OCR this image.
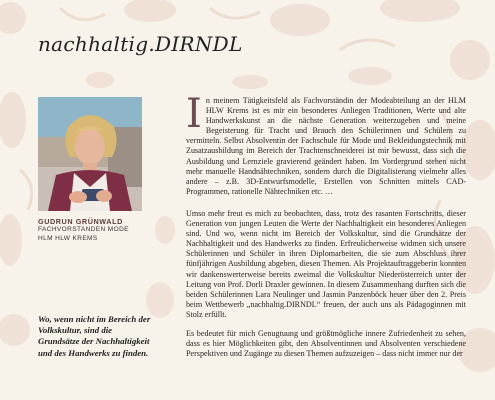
nachhaltig.DIRNDL
GUDRUN GRÜNWALD
FACHVORSTANDEN MODE
HLM HLW KREMS
Wo, wenn nicht im Bereich der Volkskultur, sind die Grundsätze der Nachhaltigkeit und des Handwerks zu finden.

In meinem Tätigkeitsfeld als Fachvorständin der Modeabteilung an der HLM HLW Krems ist es mir ein besonderes Anliegen Traditionen, Werte und alte Handwerkskunst an die nächste Generation weiterzugeben und meine Begeisterung für Tracht und Brauch den Schülerinnen und Schülern zu vermitteln. Selbst Absolventin der Fachschule für Mode und Bekleidungstechnik mit Zusatzausbildung im Bereich der Trachtenschneiderei ist mir bewusst, dass sich die Ausbildung und Lernziele gravierend geändert haben. Im Vordergrund stehen nicht mehr manuelle Handnähtechniken, sondern durch die Digitalisierung vielmehr alles andere – z.B. 3D-Entwurfsmodelle, Erstellen von Schnitten mittels CAD-Programmen, rationelle Nähtechniken etc. …

Umso mehr freut es mich zu beobachten, dass, trotz des rasanten Fortschritts, dieser Generation von jungen Leuten die Werte der Nachhaltigkeit ein besonderes Anliegen sind. Und wo, wenn nicht im Bereich der Volkskultur, sind die Grundsätze der Nachhaltigkeit und des Handwerks zu finden. Erfreulicherweise widmen sich unsere Schülerinnen und Schüler in ihren Diplomarbeiten, die sie zum Abschluss ihrer fünfjährigen Ausbildung abgeben, diesen Themen. Als Projektauftraggeberin konnten wir dankenswerterweise bereits zweimal die Volkskultur Niederösterreich unter der Leitung von Prof. Dorli Draxler gewinnen. In diesem Zusammenhang durften sich die beiden Schülerinnen Lara Neulinger und Jasmin Panzenböck heuer über den 2. Preis beim Wettbewerb „nachhaltig.DIRNDL“ freuen, der auch uns als Pädagoginnen mit Stolz erfüllt.

Es bedeutet für mich Genugtuung und größtmögliche innere Zufriedenheit zu sehen, dass es hier Möglichkeiten gibt, den Absolventinnen und Absolventen verschiedene Perspektiven und Zugänge zu diesen Themen aufzuzeigen – dass nicht immer nur der
